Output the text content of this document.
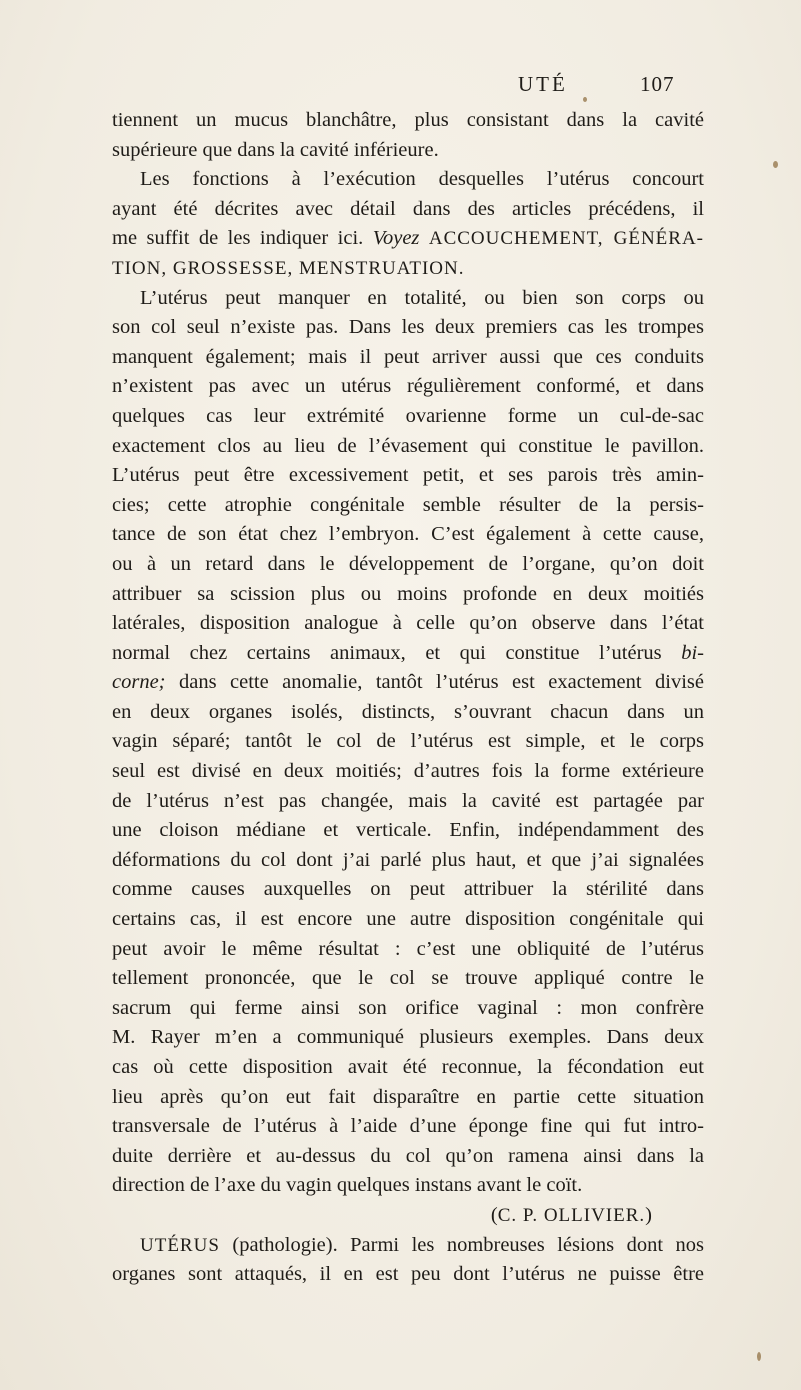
UTÉ	107
tiennent un mucus blanchâtre, plus consistant dans la cavité
supérieure que dans la cavité inférieure.
Les fonctions à l’exécution desquelles l’utérus concourt
ayant été décrites avec détail dans des articles précédens, il
me suffit de les indiquer ici. Voyez ACCOUCHEMENT, GÉNÉRA-
TION, GROSSESSE, MENSTRUATION.
L’utérus peut manquer en totalité, ou bien son corps ou
son col seul n’existe pas. Dans les deux premiers cas les trompes
manquent également; mais il peut arriver aussi que ces conduits
n’existent pas avec un utérus régulièrement conformé, et dans
quelques cas leur extrémité ovarienne forme un cul-de-sac
exactement clos au lieu de l’évasement qui constitue le pavillon.
L’utérus peut être excessivement petit, et ses parois très amin-
cies; cette atrophie congénitale semble résulter de la persis-
tance de son état chez l’embryon. C’est également à cette cause,
ou à un retard dans le développement de l’organe, qu’on doit
attribuer sa scission plus ou moins profonde en deux moitiés
latérales, disposition analogue à celle qu’on observe dans l’état
normal chez certains animaux, et qui constitue l’utérus bi-
corne; dans cette anomalie, tantôt l’utérus est exactement divisé
en deux organes isolés, distincts, s’ouvrant chacun dans un
vagin séparé; tantôt le col de l’utérus est simple, et le corps
seul est divisé en deux moitiés; d’autres fois la forme extérieure
de l’utérus n’est pas changée, mais la cavité est partagée par
une cloison médiane et verticale. Enfin, indépendamment des
déformations du col dont j’ai parlé plus haut, et que j’ai signalées
comme causes auxquelles on peut attribuer la stérilité dans
certains cas, il est encore une autre disposition congénitale qui
peut avoir le même résultat : c’est une obliquité de l’utérus
tellement prononcée, que le col se trouve appliqué contre le
sacrum qui ferme ainsi son orifice vaginal : mon confrère
M. Rayer m’en a communiqué plusieurs exemples. Dans deux
cas où cette disposition avait été reconnue, la fécondation eut
lieu après qu’on eut fait disparaître en partie cette situation
transversale de l’utérus à l’aide d’une éponge fine qui fut intro-
duite derrière et au-dessus du col qu’on ramena ainsi dans la
direction de l’axe du vagin quelques instans avant le coït.
(C. P. OLLIVIER.)
UTÉRUS (pathologie). Parmi les nombreuses lésions dont nos
organes sont attaqués, il en est peu dont l’utérus ne puisse être
